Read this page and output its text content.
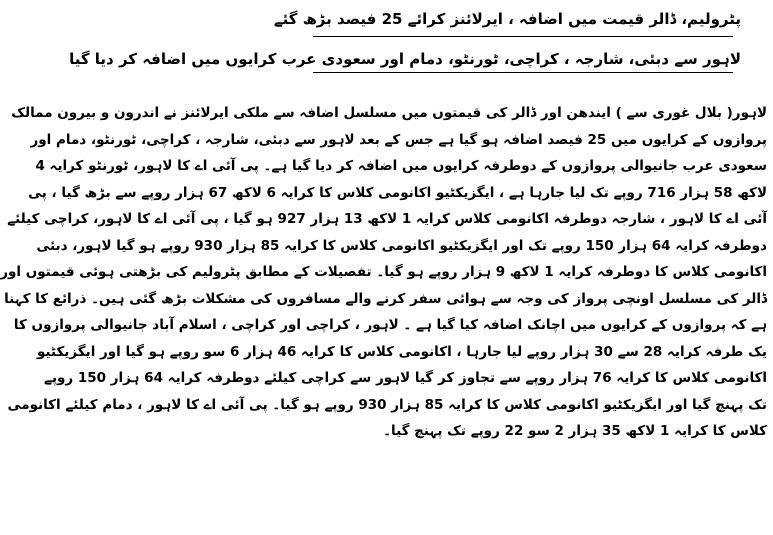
پٹرولیم، ڈالر قیمت میں اضافہ ، ایرلائنز کرائے 25 فیصد بڑھ گئے
لاہور سے دبئی، شارجہ ، کراچی، ٹورنٹو، دمام اور سعودی عرب کرایوں میں اضافہ کر دیا گیا
لاہور( بلال غوری سے ) ایندھن اور ڈالر کی قیمتوں میں مسلسل اضافہ سے ملکی ایرلائنز نے اندرون و بیرون ممالک
پروازوں کے کرایوں میں 25 فیصد اضافہ ہو گیا ہے جس کے بعد لاہور سے دبئی، شارجہ ، کراچی، ٹورنٹو، دمام اور
سعودی عرب جانیوالی پروازوں کے دوطرفہ کرایوں میں اضافہ کر دیا گیا ہے۔ پی آئی اے کا لاہور، ٹورنٹو کرایہ 4
لاکھ 58 ہزار 716 روپے تک لیا جارہا ہے ، ایگزیکٹیو اکانومی کلاس کا کرایہ 6 لاکھ 67 ہزار روپے سے بڑھ گیا ، پی
آئی اے کا لاہور ، شارجہ دوطرفہ اکانومی کلاس کرایہ 1 لاکھ 13 ہزار 927 ہو گیا ، پی آئی اے کا لاہور، کراچی کیلئے
دوطرفہ کرایہ 64 ہزار 150 روپے تک اور ایگزیکٹیو اکانومی کلاس کا کرایہ 85 ہزار 930 روپے ہو گیا لاہور، دبئی
اکانومی کلاس کا دوطرفہ کرایہ 1 لاکھ 9 ہزار روپے ہو گیا۔ تفصیلات کے مطابق پٹرولیم کی بڑھتی ہوئی قیمتوں اور
ڈالر کی مسلسل اونچی پرواز کی وجہ سے ہوائی سفر کرنے والے مسافروں کی مشکلات بڑھ گئی ہیں۔ ذرائع کا کہنا
ہے کہ پروازوں کے کرایوں میں اچانک اضافہ کیا گیا ہے ۔ لاہور ، کراچی اور کراچی ، اسلام آباد جانیوالی پروازوں کا
یک طرفہ کرایہ 28 سے 30 ہزار روپے لیا جارہا ، اکانومی کلاس کا کرایہ 46 ہزار 6 سو روپے ہو گیا اور ایگزیکٹیو
اکانومی کلاس کا کرایہ 76 ہزار روپے سے تجاوز کر گیا لاہور سے کراچی کیلئے دوطرفہ کرایہ 64 ہزار 150 روپے
تک پہنچ گیا اور ایگزیکٹیو اکانومی کلاس کا کرایہ 85 ہزار 930 روپے ہو گیا۔ پی آئی اے کا لاہور ، دمام کیلئے اکانومی
کلاس کا کرایہ 1 لاکھ 35 ہزار 2 سو 22 روپے تک پہنچ گیا۔
